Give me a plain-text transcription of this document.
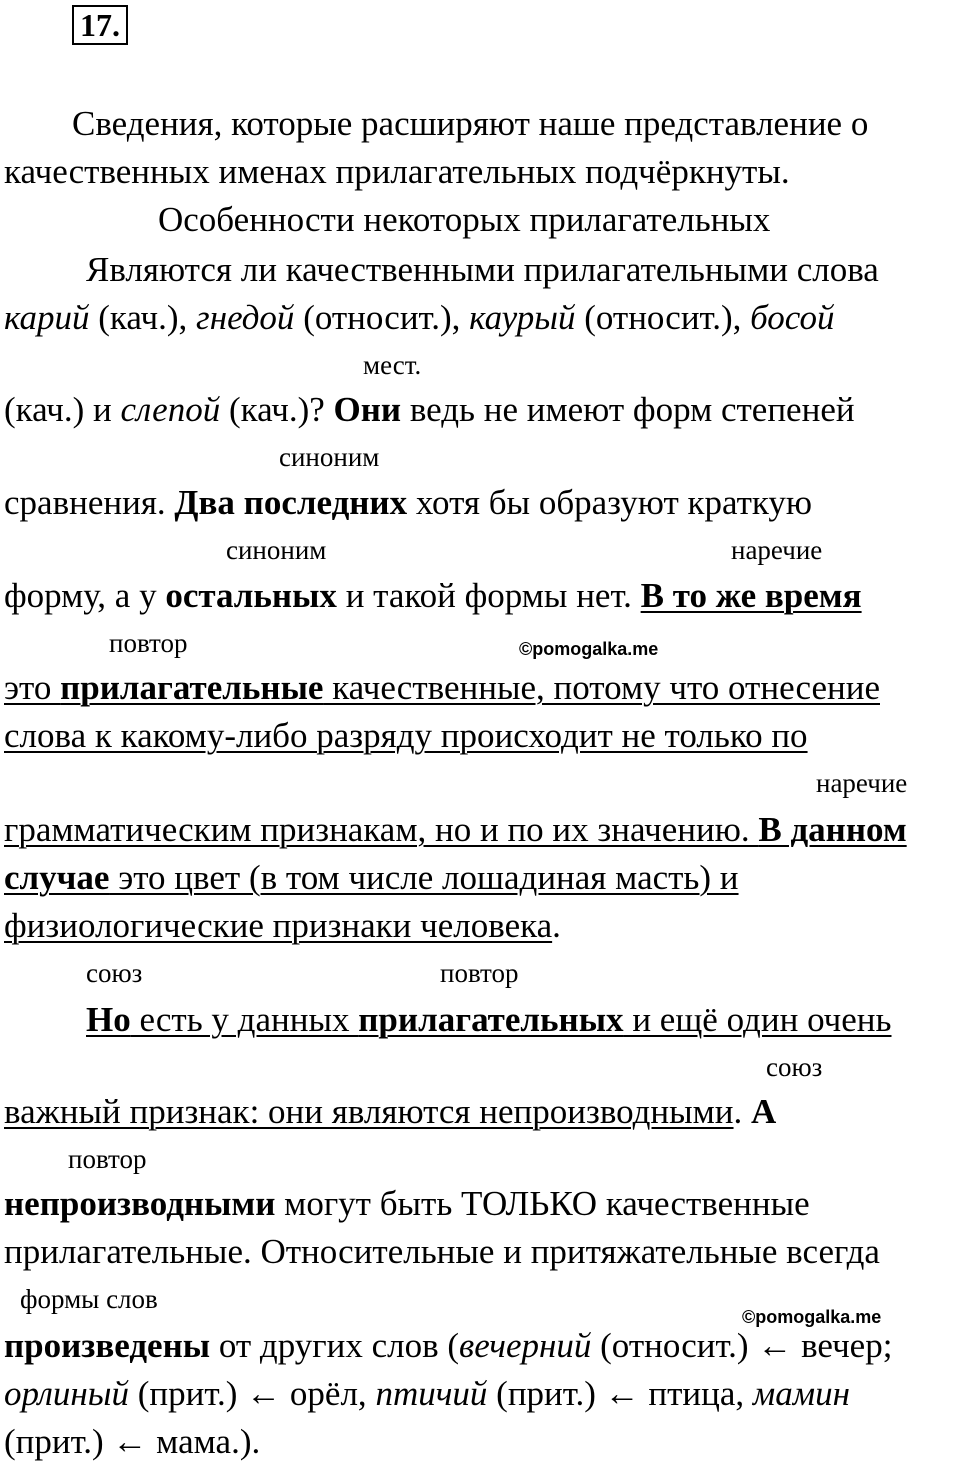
17.
Сведения, которые расширяют наше представление о
качественных именах прилагательных подчёркнуты.
Особенности некоторых прилагательных
Являются ли качественными прилагательными слова
карий (кач.), гнедой (относит.), каурый (относит.), босой
мест.
(кач.) и слепой (кач.)? Они ведь не имеют форм степеней
синоним
сравнения. Два последних хотя бы образуют краткую
синоним	наречие
форму, а у остальных и такой формы нет. В то же время
повтор	©pomogalka.me
это прилагательные качественные, потому что отнесение
слова к какому-либо разряду происходит не только по
наречие
грамматическим признакам, но и по их значению. В данном
случае это цвет (в том числе лошадиная масть) и
физиологические признаки человека.
союз	повтор
Но есть у данных прилагательных и ещё один очень
союз
важный признак: они являются непроизводными. А
повтор
непроизводными могут быть ТОЛЬКО качественные
прилагательные. Относительные и притяжательные всегда
формы слов
©pomogalka.me
произведены от других слов (вечерний (относит.) ← вечер;
орлиный (прит.) ← орёл, птичий (прит.) ← птица, мамин
(прит.) ← мама.).
